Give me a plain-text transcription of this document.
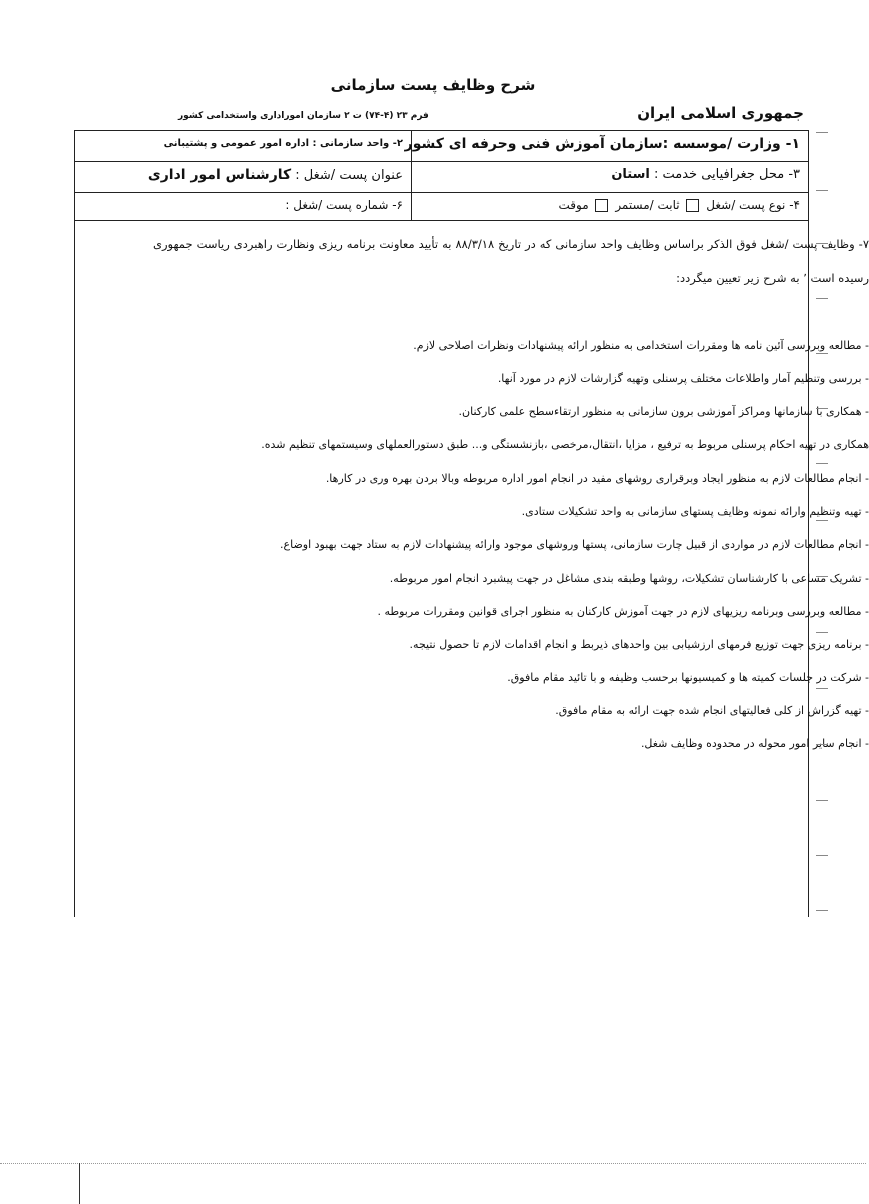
شرح وظایف پست سازمانی
جمهوری اسلامی ایران
فرم ۲۳ (۴-۷۴) ت ۲ سازمان اموراداری واستخدامی کشور
۱- وزارت /موسسه :سازمان آموزش فنی وحرفه ای کشور
۲- واحد سازمانی : اداره امور عمومی و پشتیبانی
۳- محل جغرافیایی خدمت : استان
عنوان پست /شغل : کارشناس امور اداری
۴- نوع پست /شغل  ثابت /مستمر  موقت
۶- شماره پست /شغل :
۷- وظایف پست /شغل فوق الذکر براساس وظایف واحد سازمانی که در تاریخ ۸۸/۳/۱۸ به تأیید معاونت برنامه ریزی ونظارت راهبردی ریاست جمهوری رسیده است ٬ به شرح زیر تعیین میگردد:
- مطالعه وبررسی آئین نامه ها ومقررات استخدامی به منظور ارائه پیشنهادات ونظرات اصلاحی لازم.
- بررسی وتنظیم آمار واطلاعات مختلف پرسنلی وتهیه گزارشات لازم در مورد آنها.
- همکاری با سازمانها ومراکز آموزشی برون سازمانی به منظور ارتقاءسطح علمی کارکنان.
همکاری در تهیه احکام پرسنلی مربوط به ترفیع ، مزایا ،انتقال،مرخصی ،بازنشستگی و... طبق دستورالعملهای وسیستمهای تنظیم شده.
- انجام مطالعات لازم به منظور ایجاد وبرقراری روشهای مفید در انجام امور اداره مربوطه وبالا بردن بهره وری در کارها.
- تهیه وتنظیم وارائه نمونه وظایف پستهای سازمانی به واحد تشکیلات ستادی.
- انجام مطالعات لازم در مواردی از قبیل چارت سازمانی، پستها وروشهای موجود وارائه پیشنهادات لازم به ستاد جهت بهبود اوضاع.
- تشریک مساعی با کارشناسان تشکیلات، روشها وطبقه بندی مشاغل در جهت پیشبرد انجام امور مربوطه.
- مطالعه وبررسی وبرنامه ریزیهای لازم در جهت آموزش کارکنان به منظور اجرای قوانین ومقررات مربوطه .
- برنامه ریزی جهت توزیع فرمهای ارزشیابی بین واحدهای ذیربط و انجام اقدامات لازم تا حصول نتیجه.
- شرکت در جلسات کمیته ها و کمیسیونها برحسب وظیفه و با تائید مقام مافوق.
- تهیه گزراش از کلی فعالیتهای انجام شده جهت ارائه به مقام مافوق.
- انجام سایر امور محوله در محدوده وظایف شغل.
